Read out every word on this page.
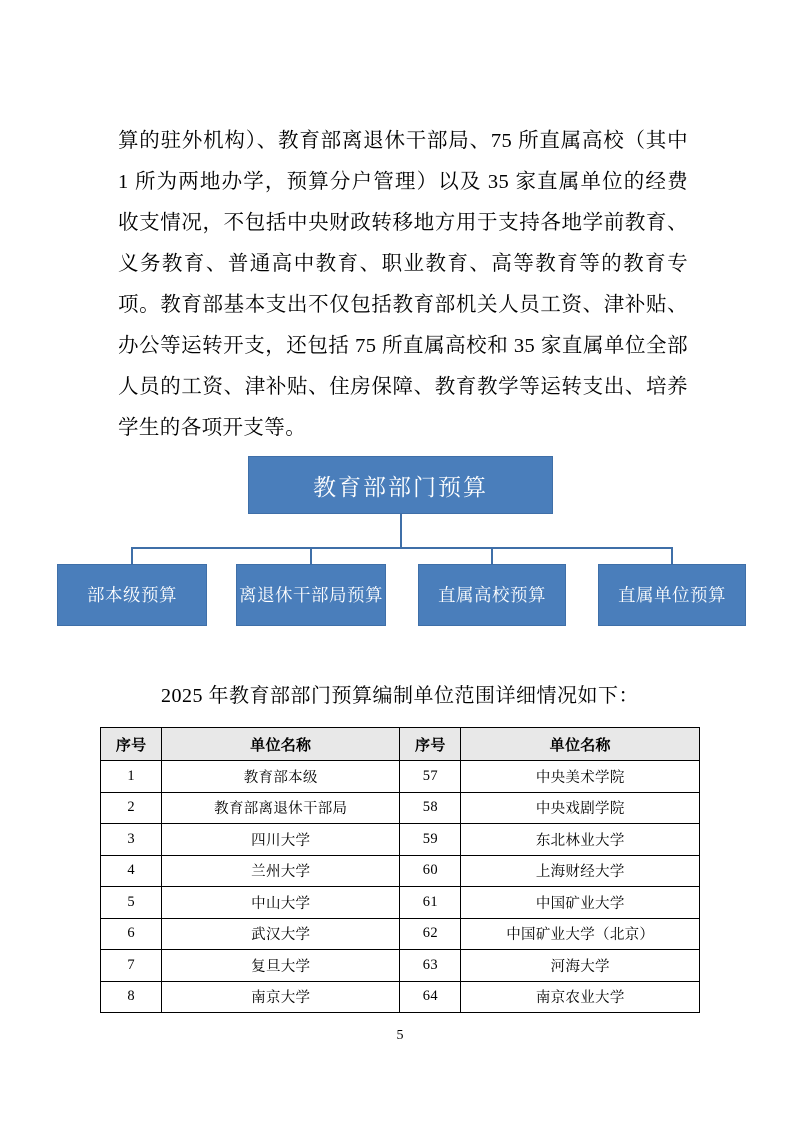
算的驻外机构）、教育部离退休干部局、75 所直属高校（其中 1 所为两地办学，预算分户管理）以及 35 家直属单位的经费收支情况，不包括中央财政转移地方用于支持各地学前教育、义务教育、普通高中教育、职业教育、高等教育等的教育专项。教育部基本支出不仅包括教育部机关人员工资、津补贴、办公等运转开支，还包括 75 所直属高校和 35 家直属单位全部人员的工资、津补贴、住房保障、教育教学等运转支出、培养学生的各项开支等。

教育部部门预算
部本级预算	离退休干部局预算	直属高校预算	直属单位预算
2025 年教育部部门预算编制单位范围详细情况如下：
序号	单位名称	序号	单位名称
1	教育部本级	57	中央美术学院
2	教育部离退休干部局	58	中央戏剧学院
3	四川大学	59	东北林业大学
4	兰州大学	60	上海财经大学
5	中山大学	61	中国矿业大学
6	武汉大学	62	中国矿业大学（北京）
7	复旦大学	63	河海大学
8	南京大学	64	南京农业大学
5
